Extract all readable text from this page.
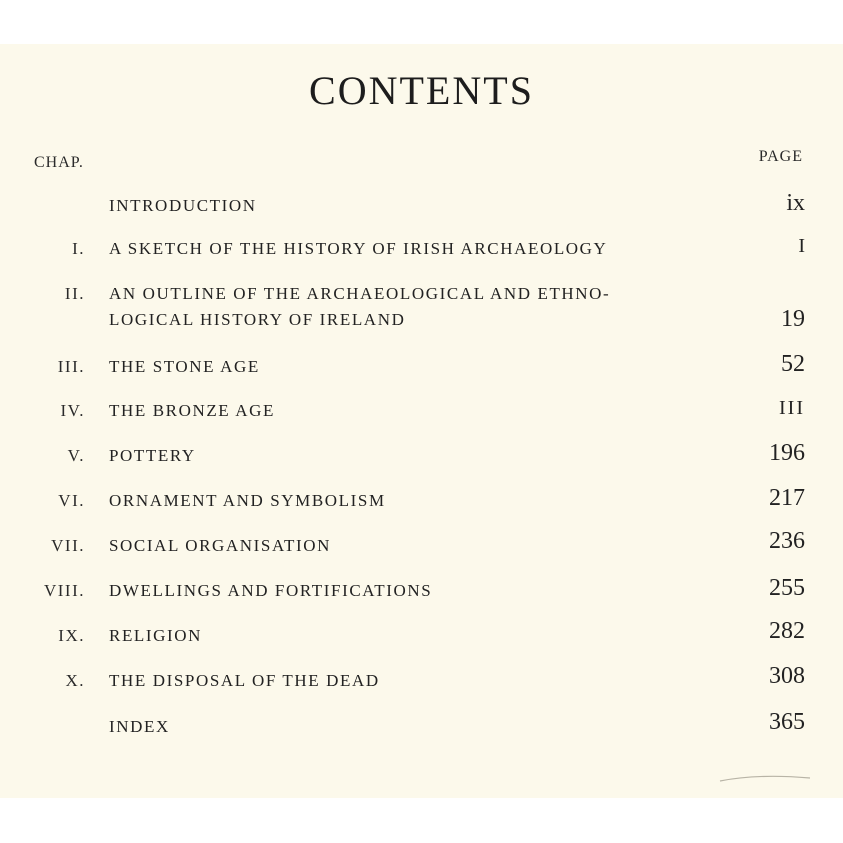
CONTENTS
CHAP.	PAGE
INTRODUCTION	ix
I. A SKETCH OF THE HISTORY OF IRISH ARCHAEOLOGY	I
II. AN OUTLINE OF THE ARCHAEOLOGICAL AND ETHNO-
LOGICAL HISTORY OF IRELAND	19
III. THE STONE AGE	52
IV. THE BRONZE AGE	III
V. POTTERY	196
VI. ORNAMENT AND SYMBOLISM	217
VII. SOCIAL ORGANISATION	236
VIII. DWELLINGS AND FORTIFICATIONS	255
IX. RELIGION	282
X. THE DISPOSAL OF THE DEAD	308
INDEX	365
